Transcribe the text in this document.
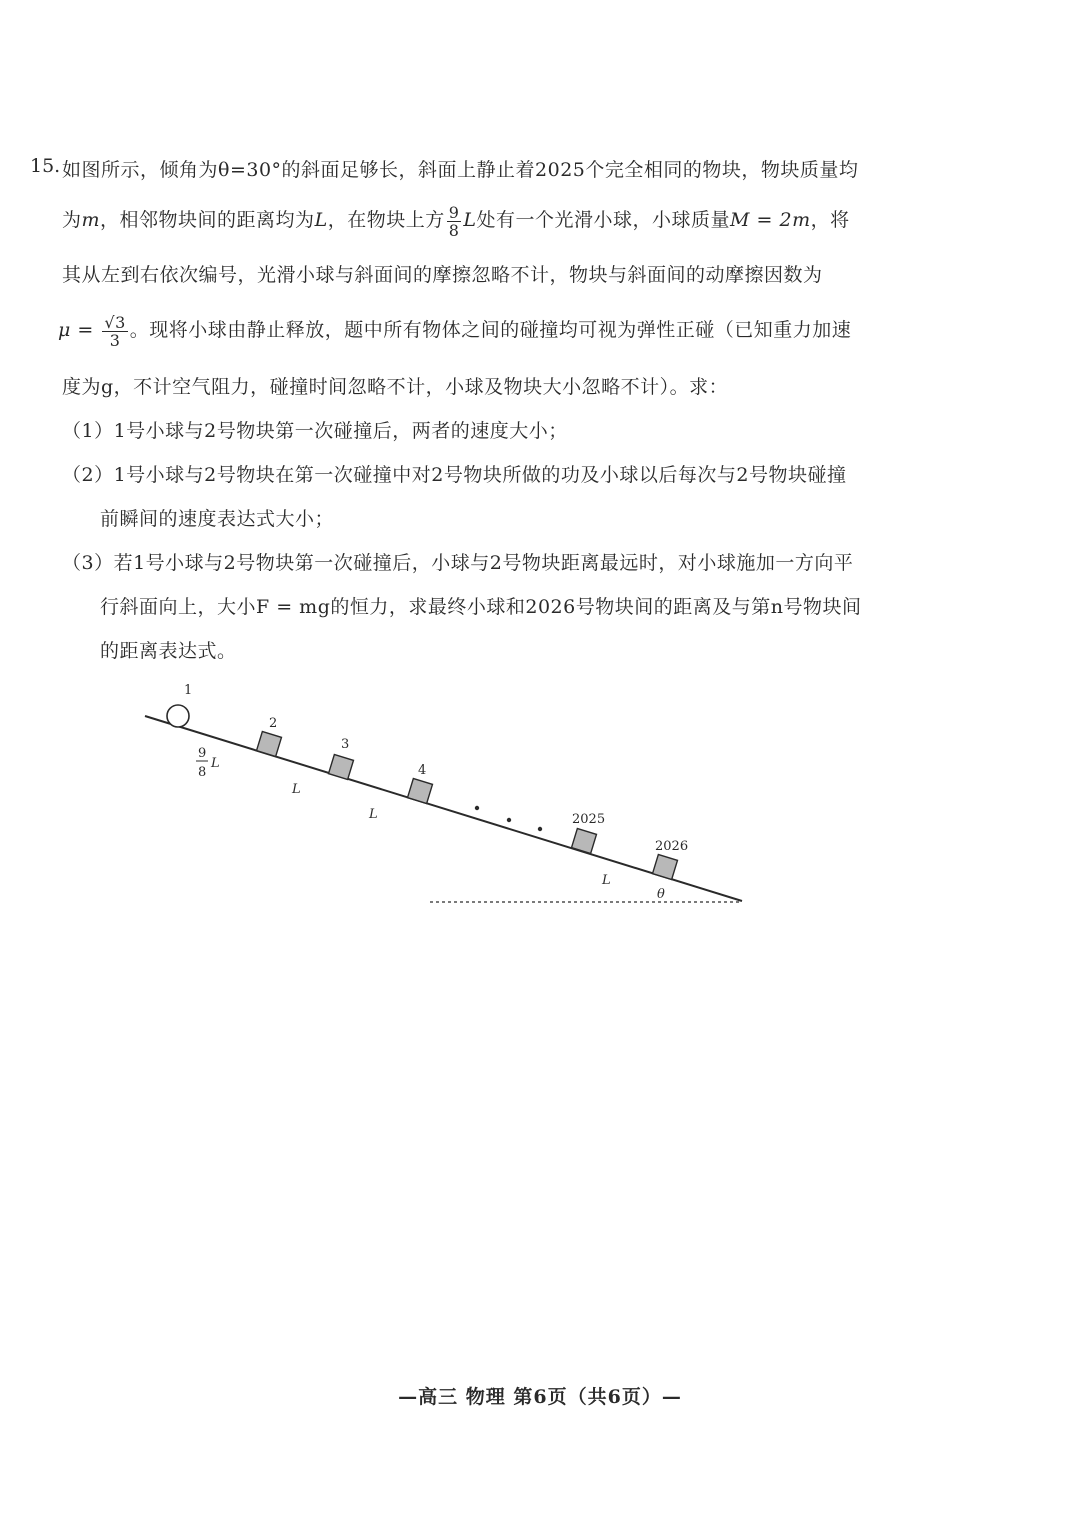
15. 如图所示，倾角为θ=30°的斜面足够长，斜面上静止着2025个完全相同的物块，物块质量均
为m，相邻物块间的距离均为L，在物块上方 $\frac{9}{8}$ L处有一个光滑小球，小球质量M = 2m，将
其从左到右依次编号，光滑小球与斜面间的摩擦忽略不计，物块与斜面间的动摩擦因数为
μ =
√ $\frac{3}{3}$ 。现将小球由静止释放，题中所有物体之间的碰撞均可视为弹性正碰（已知重力加速
度为g，不计空气阻力，碰撞时间忽略不计，小球及物块大小忽略不计）。求：
（1）1号小球与2号物块第一次碰撞后，两者的速度大小；
（2）1号小球与2号物块在第一次碰撞中对2号物块所做的功及小球以后每次与2号物块碰撞
前瞬间的速度表达式大小；
（3）若1号小球与2号物块第一次碰撞后，小球与2号物块距离最远时，对小球施加一方向平
行斜面向上，大小F = mg的恒力，求最终小球和2026号物块间的距离及与第n号物块间
的距离表达式。
1
2
3
4
2025
2026
9
8
L
L
L
L
θ
—高三 物理 第6页（共6页）—
